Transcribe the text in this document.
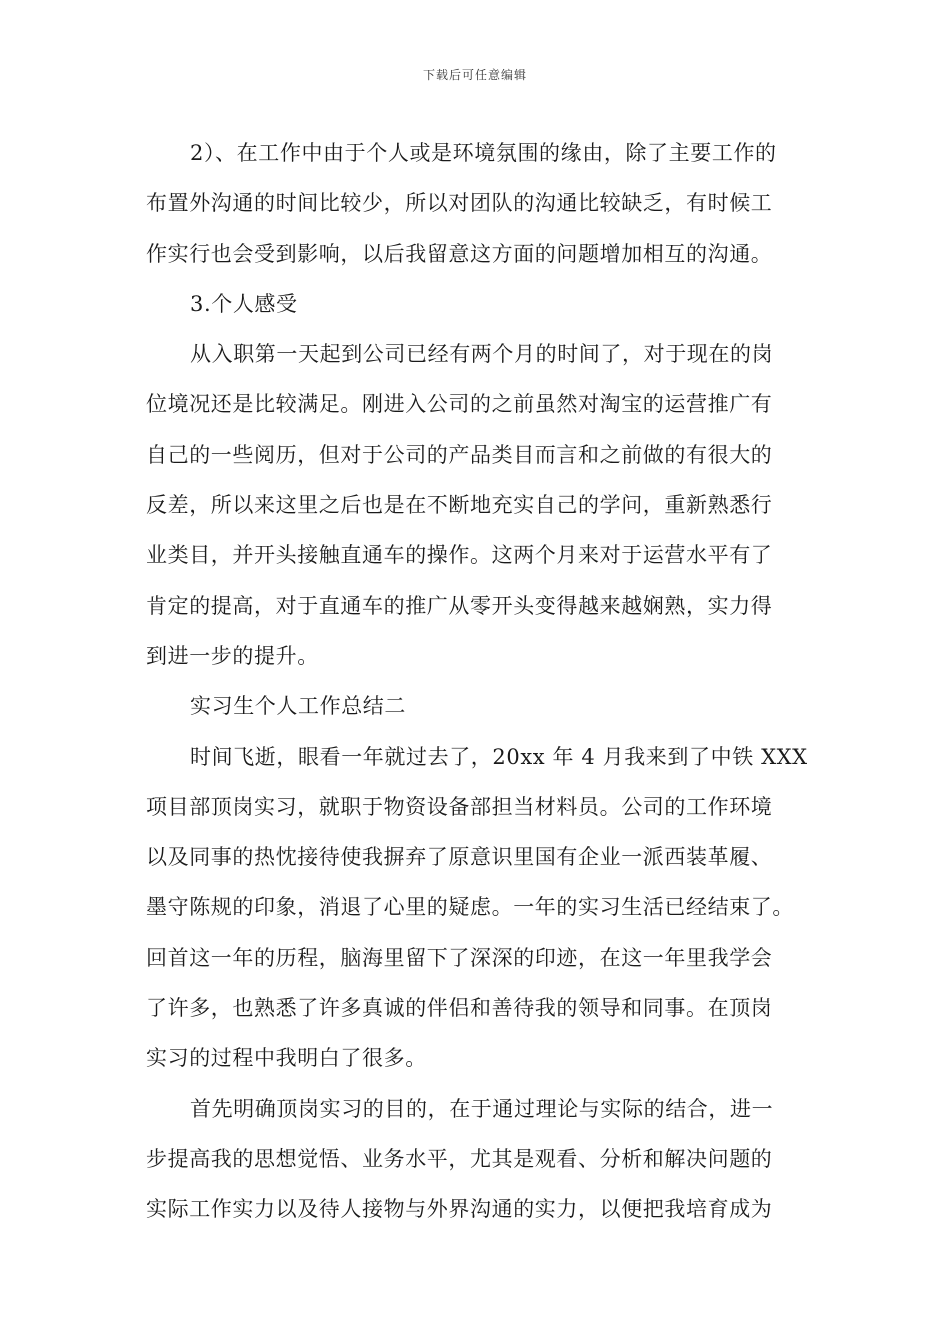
下载后可任意编辑
2）、在工作中由于个人或是环境氛围的缘由，除了主要工作的
布置外沟通的时间比较少，所以对团队的沟通比较缺乏，有时候工
作实行也会受到影响，以后我留意这方面的问题增加相互的沟通。
3.个人感受
从入职第一天起到公司已经有两个月的时间了，对于现在的岗
位境况还是比较满足。刚进入公司的之前虽然对淘宝的运营推广有
自己的一些阅历，但对于公司的产品类目而言和之前做的有很大的
反差，所以来这里之后也是在不断地充实自己的学问，重新熟悉行
业类目，并开头接触直通车的操作。这两个月来对于运营水平有了
肯定的提高，对于直通车的推广从零开头变得越来越娴熟，实力得
到进一步的提升。
实习生个人工作总结二
时间飞逝，眼看一年就过去了，20xx 年 4 月我来到了中铁 XXX
项目部顶岗实习，就职于物资设备部担当材料员。公司的工作环境
以及同事的热忱接待使我摒弃了原意识里国有企业一派西装革履、
墨守陈规的印象，消退了心里的疑虑。一年的实习生活已经结束了。
回首这一年的历程，脑海里留下了深深的印迹，在这一年里我学会
了许多，也熟悉了许多真诚的伴侣和善待我的领导和同事。在顶岗
实习的过程中我明白了很多。
首先明确顶岗实习的目的，在于通过理论与实际的结合，进一
步提高我的思想觉悟、业务水平，尤其是观看、分析和解决问题的
实际工作实力以及待人接物与外界沟通的实力，以便把我培育成为
